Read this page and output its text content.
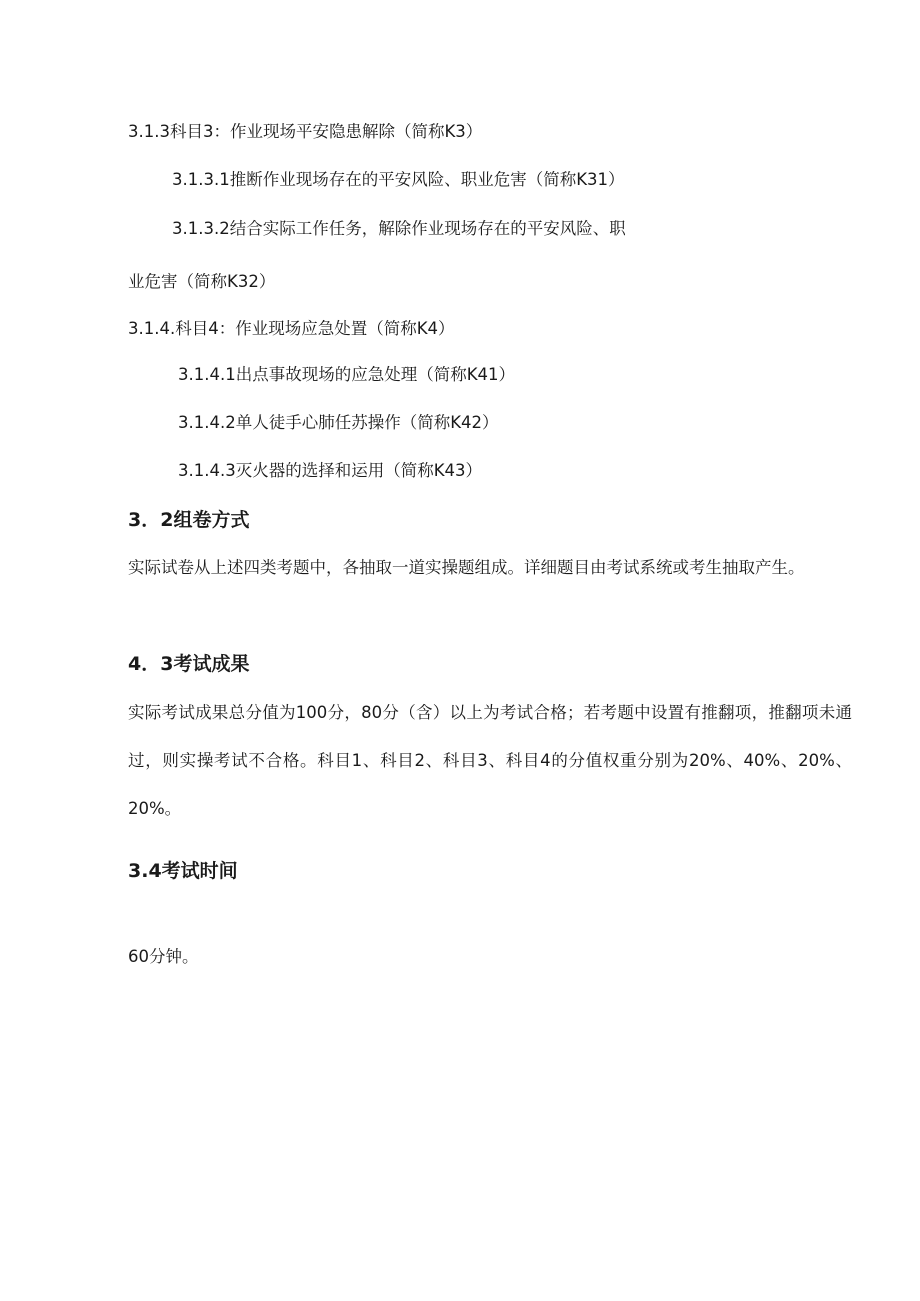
3.1.3科目3：作业现场平安隐患解除（简称K3）
3.1.3.1推断作业现场存在的平安风险、职业危害（简称K31）
3.1.3.2结合实际工作任务，解除作业现场存在的平安风险、职
业危害（简称K32）
3.1.4.科目4：作业现场应急处置（简称K4）
3.1.4.1出点事故现场的应急处理（简称K41）
3.1.4.2单人徒手心肺任苏操作（简称K42）
3.1.4.3灭火器的选择和运用（简称K43）
3．2组卷方式
实际试卷从上述四类考题中，各抽取一道实操题组成。详细题目由考试系统或考生抽取产生。
4．3考试成果
实际考试成果总分值为100分，80分（含）以上为考试合格；若考题中设置有推翻项，推翻项未通过，则实操考试不合格。科目1、科目2、科目3、科目4的分值权重分别为20%、40%、20%、20%。
3.4考试时间
60分钟。
